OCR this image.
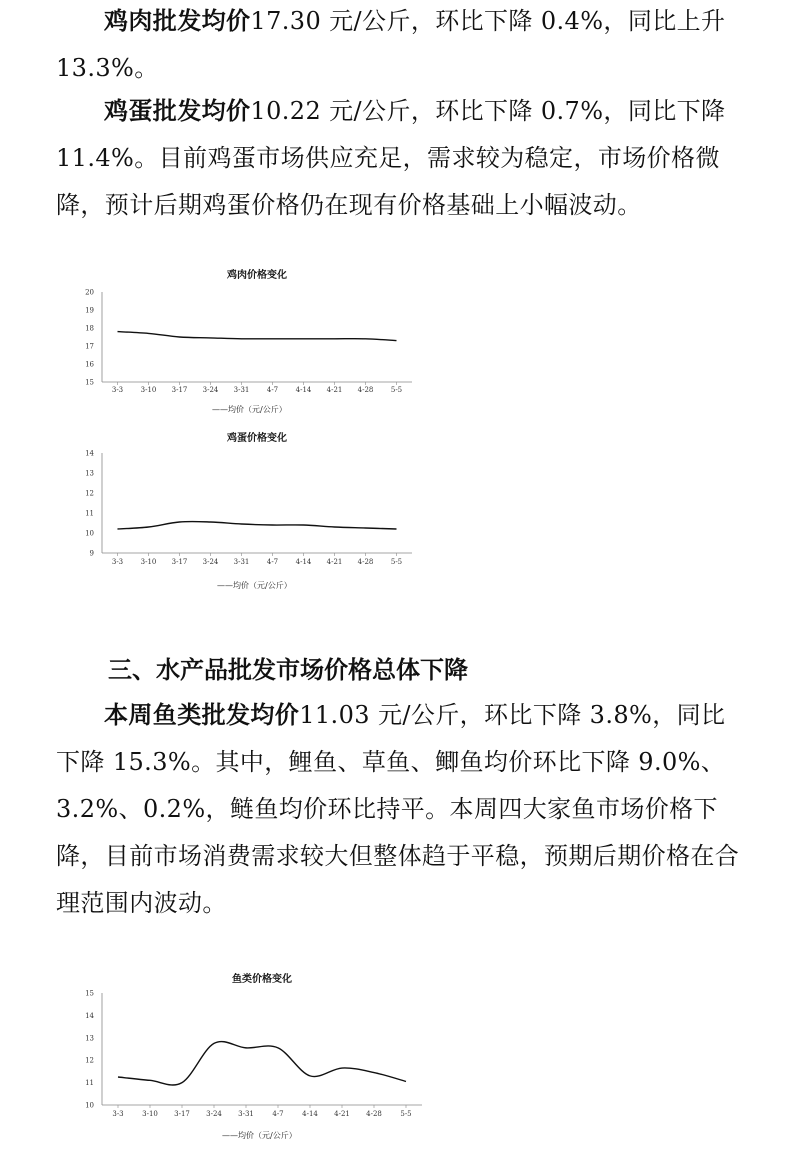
鸡肉批发均价17.30 元/公斤，环比下降 0.4%，同比上升 13.3%。
鸡蛋批发均价10.22 元/公斤，环比下降 0.7%，同比下降 11.4%。目前鸡蛋市场供应充足，需求较为稳定，市场价格微降，预计后期鸡蛋价格仍在现有价格基础上小幅波动。
鸡肉价格变化
15
16
17
18
19
20
3-3 3-10 3-17 3-24 3-31 4-7 4-14 4-21 4-28 5-5
——均价（元/公斤）
鸡蛋价格变化
9
10
11
12
13
14
3-3 3-10 3-17 3-24 3-31 4-7 4-14 4-21 4-28 5-5
——均价（元/公斤）
三、水产品批发市场价格总体下降
本周鱼类批发均价11.03 元/公斤，环比下降 3.8%，同比下降 15.3%。其中，鲤鱼、草鱼、鲫鱼均价环比下降 9.0%、3.2%、0.2%，鲢鱼均价环比持平。本周四大家鱼市场价格下降，目前市场消费需求较大但整体趋于平稳，预期后期价格在合理范围内波动。
鱼类价格变化
10
11
12
13
14
15
3-3	3-10 3-17 3-24 3-31	4-7	4-14 4-21 4-28	5-5
——均价（元/公斤）
